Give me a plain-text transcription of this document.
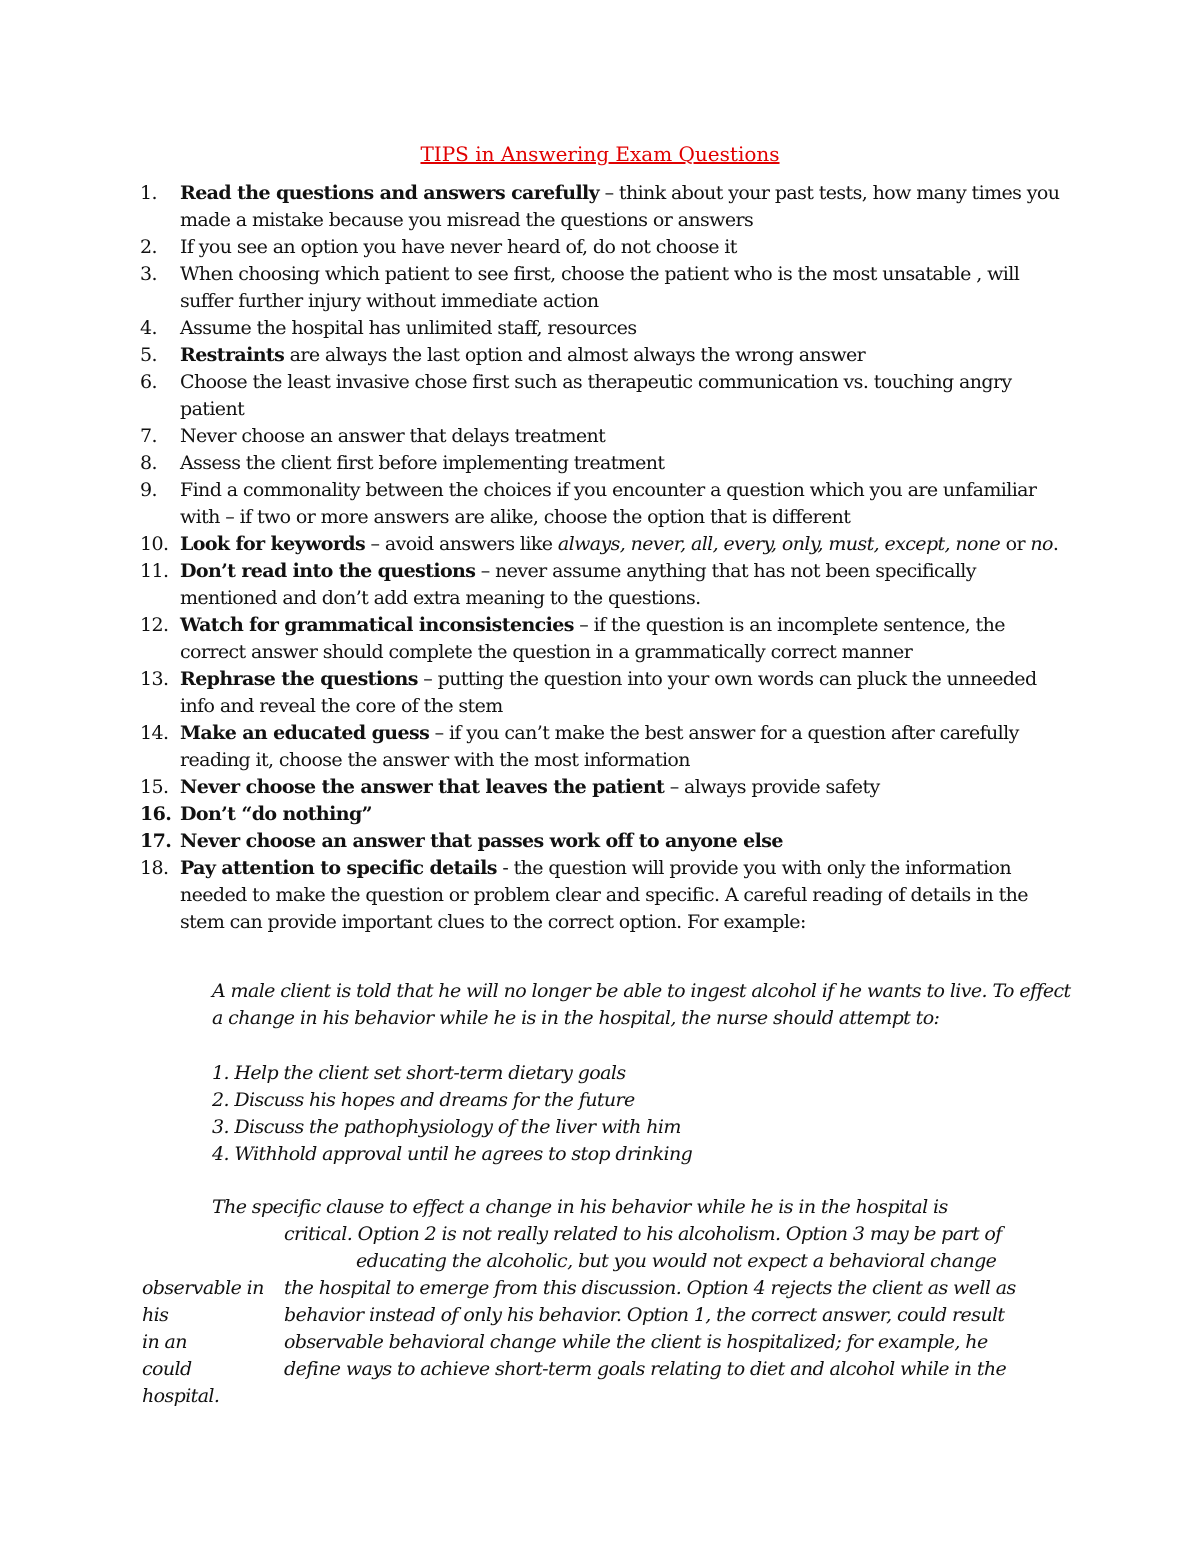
TIPS in Answering Exam Questions
1. Read the questions and answers carefully – think about your past tests, how many times you made a mistake because you misread the questions or answers
2. If you see an option you have never heard of, do not choose it
3. When choosing which patient to see first, choose the patient who is the most unsatable , will suffer further injury without immediate action
4. Assume the hospital has unlimited staff, resources
5. Restraints are always the last option and almost always the wrong answer
6. Choose the least invasive chose first such as therapeutic communication vs. touching angry patient
7. Never choose an answer that delays treatment
8. Assess the client first before implementing treatment
9. Find a commonality between the choices if you encounter a question which you are unfamiliar with – if two or more answers are alike, choose the option that is different
10. Look for keywords – avoid answers like always, never, all, every, only, must, except, none or no.
11. Don’t read into the questions – never assume anything that has not been specifically mentioned and don’t add extra meaning to the questions.
12. Watch for grammatical inconsistencies – if the question is an incomplete sentence, the correct answer should complete the question in a grammatically correct manner
13. Rephrase the questions – putting the question into your own words can pluck the unneeded info and reveal the core of the stem
14. Make an educated guess – if you can’t make the best answer for a question after carefully reading it, choose the answer with the most information
15. Never choose the answer that leaves the patient – always provide safety
16. Don’t “do nothing”
17. Never choose an answer that passes work off to anyone else
18. Pay attention to specific details - the question will provide you with only the information needed to make the question or problem clear and specific. A careful reading of details in the stem can provide important clues to the correct option. For example:

A male client is told that he will no longer be able to ingest alcohol if he wants to live. To effect a change in his behavior while he is in the hospital, the nurse should attempt to:

1. Help the client set short-term dietary goals
2. Discuss his hopes and dreams for the future
3. Discuss the pathophysiology of the liver with him
4. Withhold approval until he agrees to stop drinking
The specific clause to effect a change in his behavior while he is in the hospital is
critical. Option 2 is not really related to his alcoholism. Option 3 may be part of
educating the alcoholic, but you would not expect a behavioral change
the hospital to emerge from this discussion. Option 4 rejects the client as well as
behavior instead of only his behavior. Option 1, the correct answer, could result
observable behavioral change while the client is hospitalized; for example, he
define ways to achieve short-term goals relating to diet and alcohol while in the
observable in
his
in an
could
hospital.
